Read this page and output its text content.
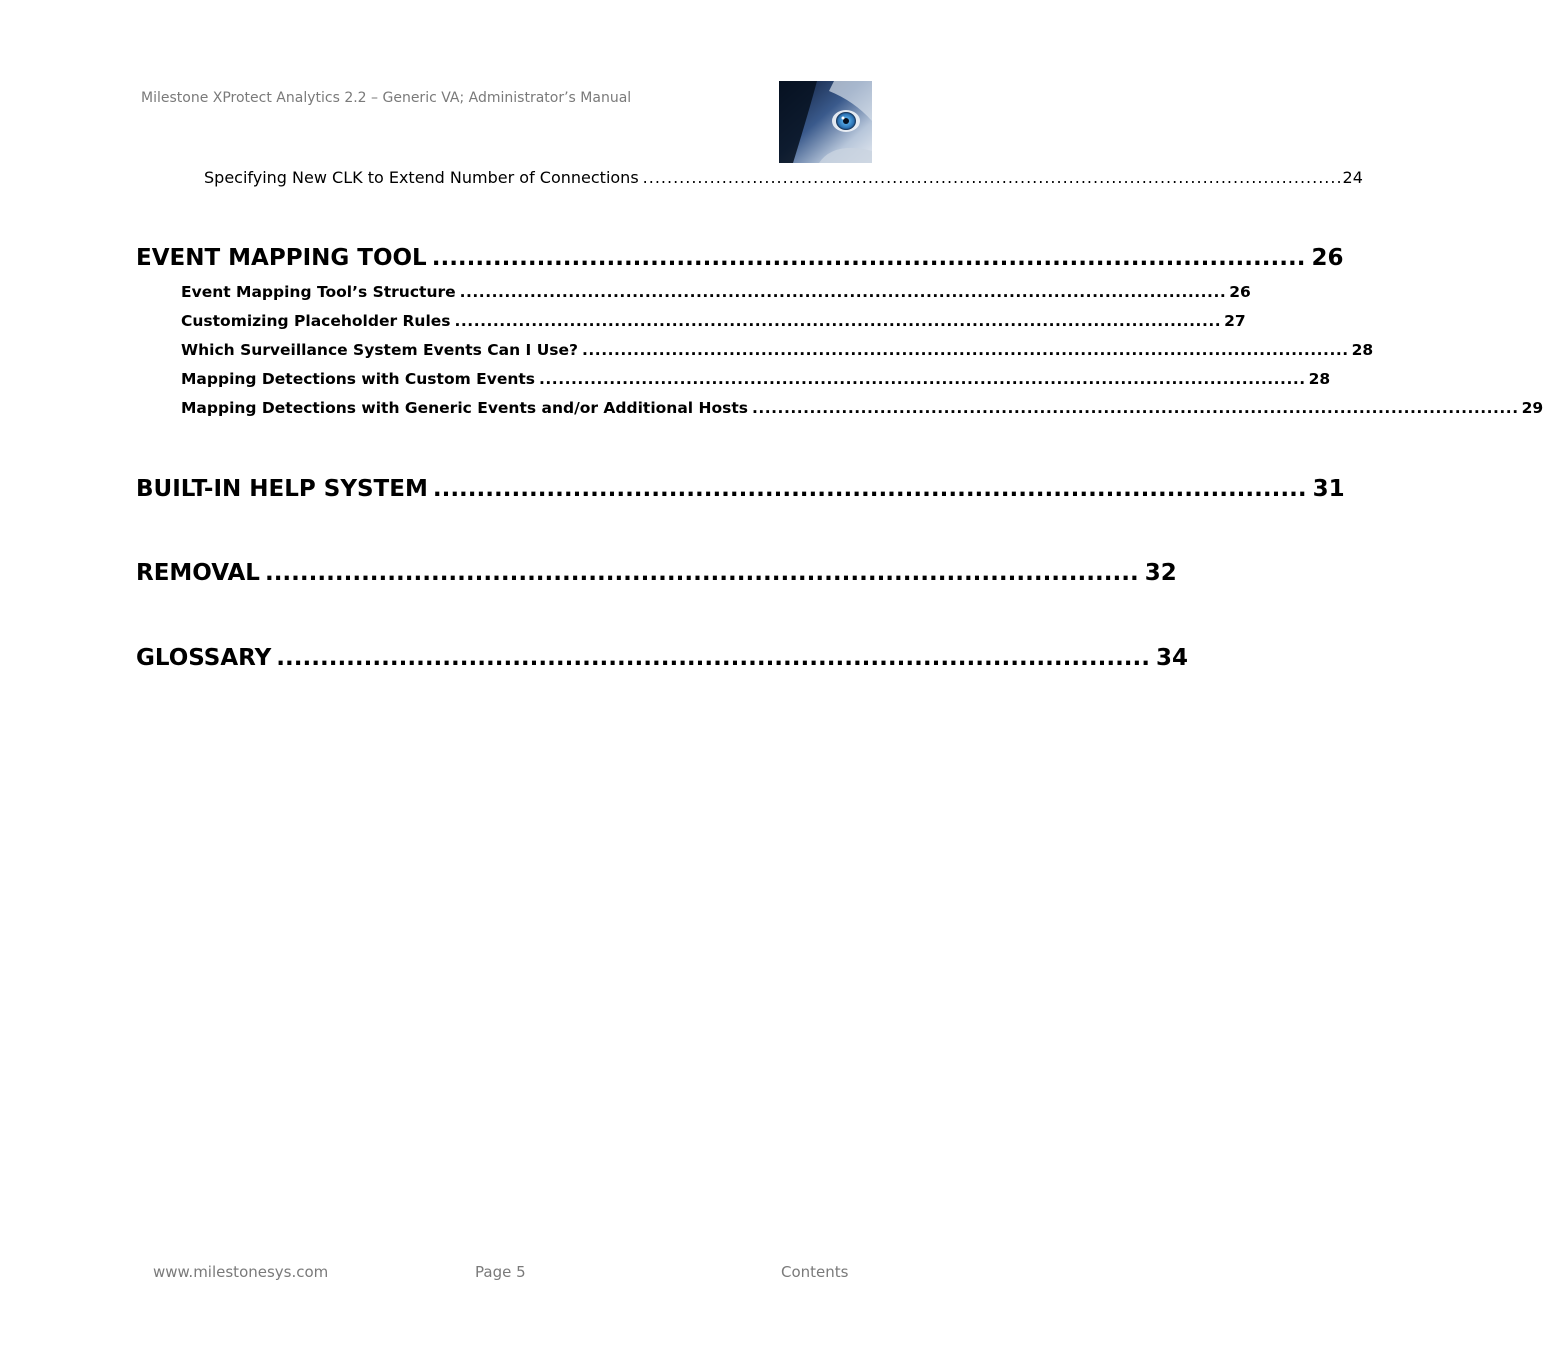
Milestone XProtect Analytics 2.2 – Generic VA; Administrator’s Manual
Specifying New CLK to Extend Number of Connections ................................................................................................................... 24
EVENT MAPPING TOOL .................................................................................................... 26
Event Mapping Tool’s Structure ........................................................................................................................ 26
Customizing Placeholder Rules ........................................................................................................................ 27
Which Surveillance System Events Can I Use? ........................................................................................................................ 28
Mapping Detections with Custom Events ........................................................................................................................ 28
Mapping Detections with Generic Events and/or Additional Hosts ........................................................................................................................ 29
BUILT-IN HELP SYSTEM .................................................................................................... 31
REMOVAL .................................................................................................... 32
GLOSSARY .................................................................................................... 34
www.milestonesys.com	Page 5	Contents
